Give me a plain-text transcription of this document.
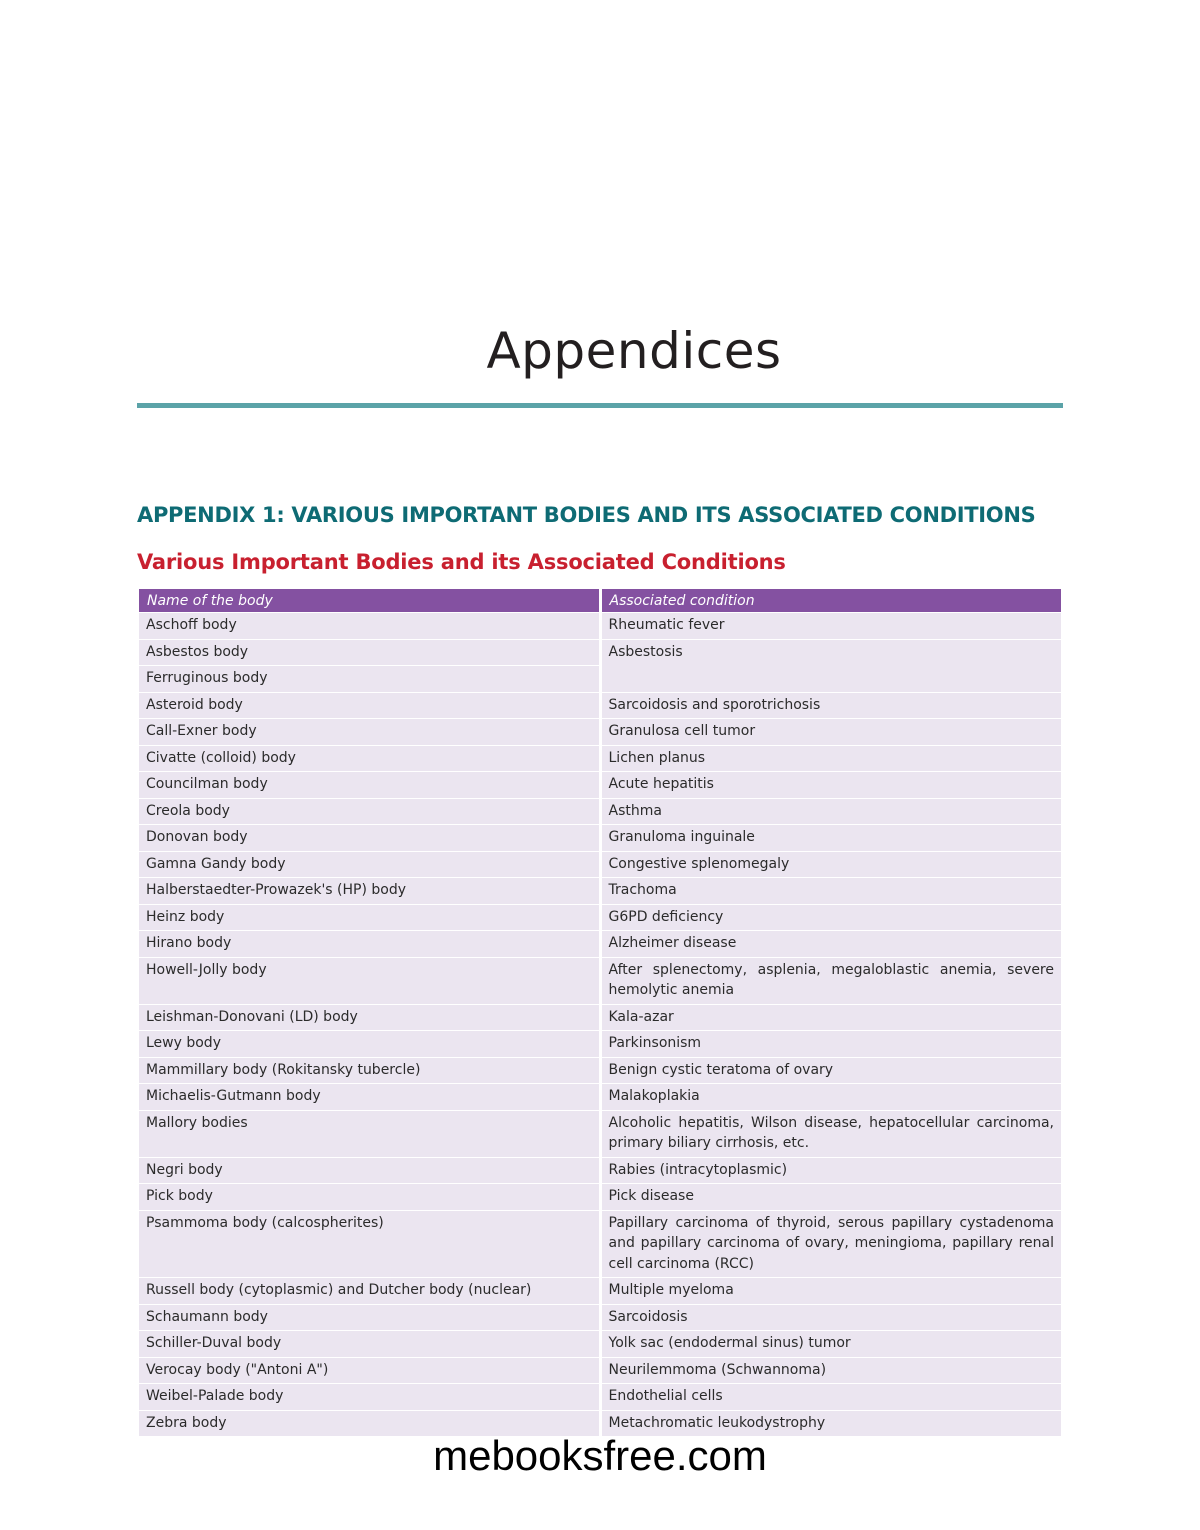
Appendices
APPENDIX 1: VARIOUS IMPORTANT BODIES AND ITS ASSOCIATED CONDITIONS
Various Important Bodies and its Associated Conditions
Name of the body	Associated condition
Aschoff body	Rheumatic fever
Asbestos body	Asbestosis
Ferruginous body	
Asteroid body	Sarcoidosis and sporotrichosis
Call-Exner body	Granulosa cell tumor
Civatte (colloid) body	Lichen planus
Councilman body	Acute hepatitis
Creola body	Asthma
Donovan body	Granuloma inguinale
Gamna Gandy body	Congestive splenomegaly
Halberstaedter-Prowazek's (HP) body	Trachoma
Heinz body	G6PD deficiency
Hirano body	Alzheimer disease
Howell-Jolly body	After splenectomy, asplenia, megaloblastic anemia, severe hemolytic anemia
Leishman-Donovani (LD) body	Kala-azar
Lewy body	Parkinsonism
Mammillary body (Rokitansky tubercle)	Benign cystic teratoma of ovary
Michaelis-Gutmann body	Malakoplakia
Mallory bodies	Alcoholic hepatitis, Wilson disease, hepatocellular carcinoma, primary biliary cirrhosis, etc.
Negri body	Rabies (intracytoplasmic)
Pick body	Pick disease
Psammoma body (calcospherites)	Papillary carcinoma of thyroid, serous papillary cystadenoma and papillary carcinoma of ovary, meningioma, papillary renal cell carcinoma (RCC)
Russell body (cytoplasmic) and Dutcher body (nuclear)	Multiple myeloma
Schaumann body	Sarcoidosis
Schiller-Duval body	Yolk sac (endodermal sinus) tumor
Verocay body ("Antoni A")	Neurilemmoma (Schwannoma)
Weibel-Palade body	Endothelial cells
Zebra body	Metachromatic leukodystrophy
mebooksfree.com
